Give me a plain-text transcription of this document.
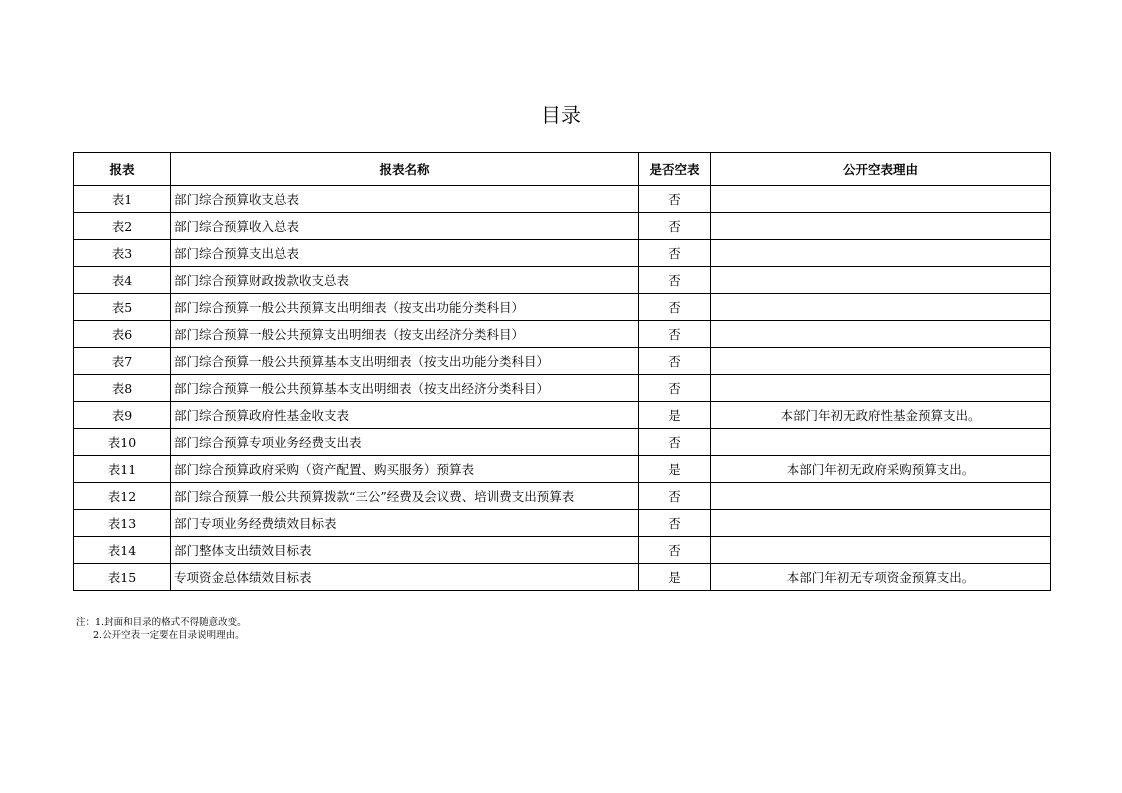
目录
报表	报表名称	是否空表	公开空表理由
表1	部门综合预算收支总表	否	
表2	部门综合预算收入总表	否	
表3	部门综合预算支出总表	否	
表4	部门综合预算财政拨款收支总表	否	
表5	部门综合预算一般公共预算支出明细表（按支出功能分类科目）	否	
表6	部门综合预算一般公共预算支出明细表（按支出经济分类科目）	否	
表7	部门综合预算一般公共预算基本支出明细表（按支出功能分类科目）	否	
表8	部门综合预算一般公共预算基本支出明细表（按支出经济分类科目）	否	
表9	部门综合预算政府性基金收支表	是	本部门年初无政府性基金预算支出。
表10	部门综合预算专项业务经费支出表	否	
表11	部门综合预算政府采购（资产配置、购买服务）预算表	是	本部门年初无政府采购预算支出。
表12	部门综合预算一般公共预算拨款“三公”经费及会议费、培训费支出预算表	否	
表13	部门专项业务经费绩效目标表	否	
表14	部门整体支出绩效目标表	否	
表15	专项资金总体绩效目标表	是	本部门年初无专项资金预算支出。
注：1.封面和目录的格式不得随意改变。
2.公开空表一定要在目录说明理由。
